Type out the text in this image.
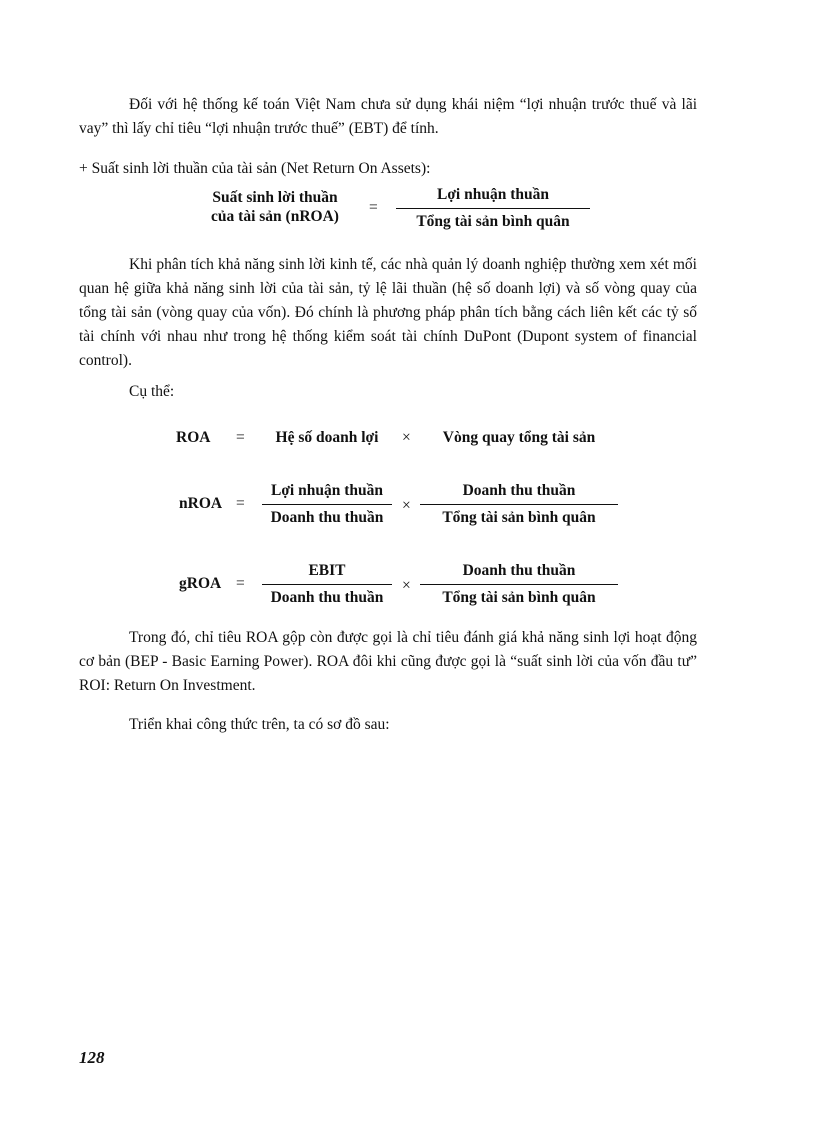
Đối với hệ thống kế toán Việt Nam chưa sử dụng khái niệm “lợi nhuận trước thuế và lãi vay” thì lấy chỉ tiêu “lợi nhuận trước thuế” (EBT) để tính.

+ Suất sinh lời thuần của tài sản (Net Return On Assets):

Suất sinh lời thuần
của tài sản (nROA)
=
Lợi nhuận thuần
Tổng tài sản bình quân

Khi phân tích khả năng sinh lời kinh tế, các nhà quản lý doanh nghiệp thường xem xét mối quan hệ giữa khả năng sinh lời của tài sản, tỷ lệ lãi thuần (hệ số doanh lợi) và số vòng quay của tổng tài sản (vòng quay của vốn). Đó chính là phương pháp phân tích bằng cách liên kết các tỷ số tài chính với nhau như trong hệ thống kiểm soát tài chính DuPont (Dupont system of financial control).

Cụ thể:

ROA =	Hệ số doanh lợi	×	Vòng quay tổng tài sản
nROA =
Lợi nhuận thuần
Doanh thu thuần
×
Doanh thu thuần
Tổng tài sản bình quân
gROA =
EBIT
Doanh thu thuần
×
Doanh thu thuần
Tổng tài sản bình quân

Trong đó, chỉ tiêu ROA gộp còn được gọi là chỉ tiêu đánh giá khả năng sinh lợi hoạt động cơ bản (BEP - Basic Earning Power). ROA đôi khi cũng được gọi là “suất sinh lời của vốn đầu tư” ROI: Return On Investment.

Triển khai công thức trên, ta có sơ đồ sau:

128
